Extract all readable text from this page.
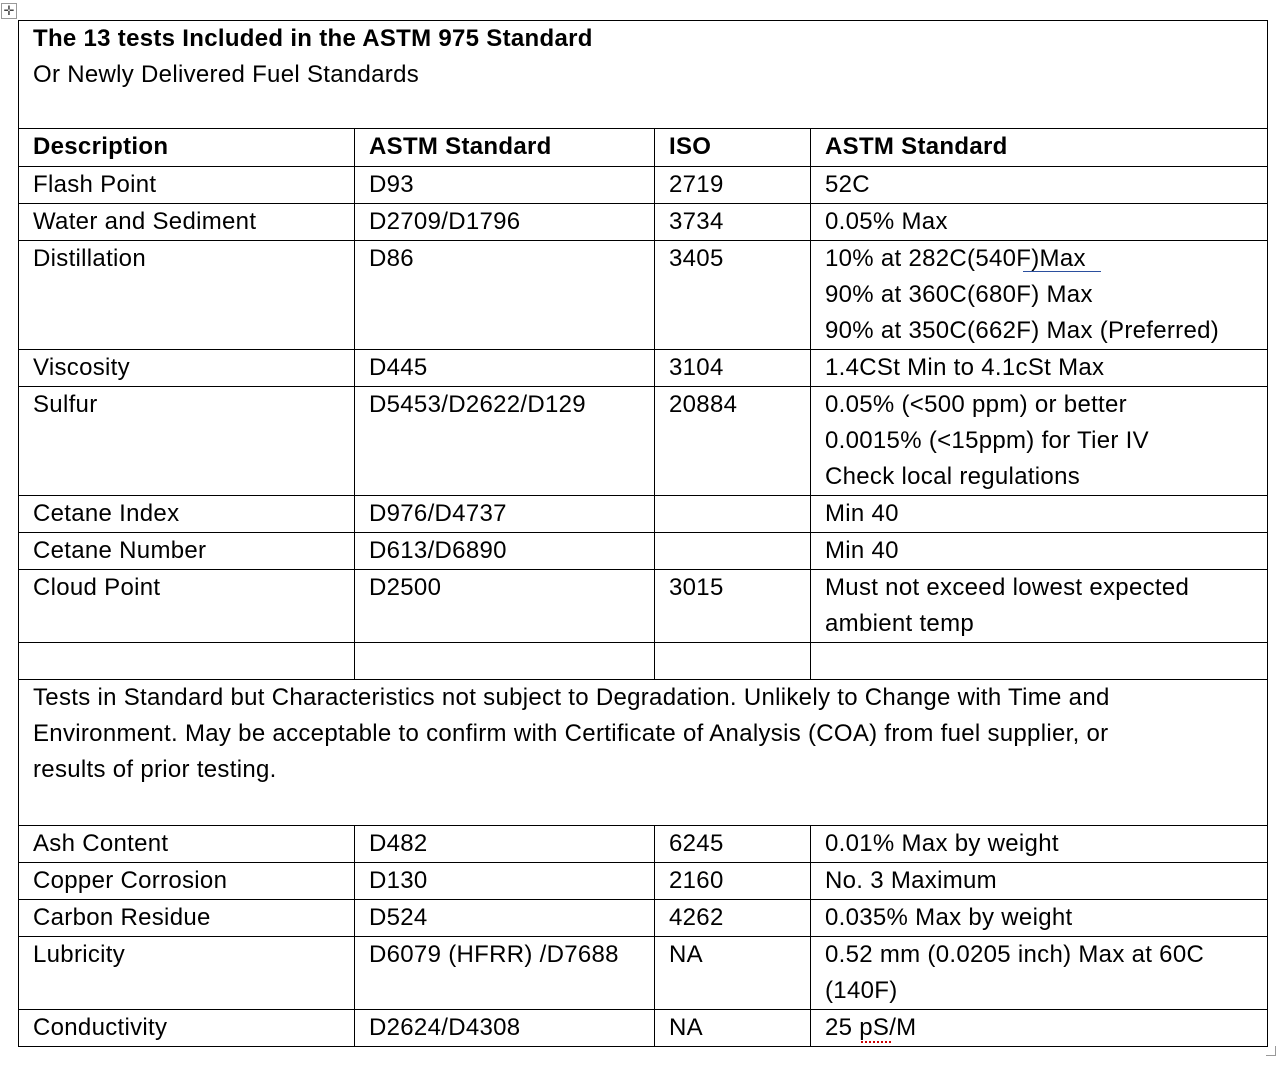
✛
The 13 tests Included in the ASTM 975 Standard
Or Newly Delivered Fuel Standards			

Description	ASTM Standard	ISO	ASTM Standard
Flash Point	D93	2719	52C

Water and Sediment	D2709/D1796	3734	0.05% Max

Distillation	D86	3405	10% at 282C(540F)Max
90% at 360C(680F) Max
90% at 350C(662F) Max (Preferred)

Viscosity	D445	3104	1.4CSt Min to 4.1cSt Max

Sulfur	D5453/D2622/D129	20884	0.05% (<500 ppm) or better
0.0015% (<15ppm) for Tier IV
Check local regulations

Cetane Index	D976/D4737		Min 40

Cetane Number	D613/D6890		Min 40

Cloud Point	D2500	3015	Must not exceed lowest expected
ambient temp

Tests in Standard but Characteristics not subject to Degradation. Unlikely to Change with Time and
Environment. May be acceptable to confirm with Certificate of Analysis (COA) from fuel supplier, or
results of prior testing.			

Ash Content	D482	6245	0.01% Max by weight

Copper Corrosion	D130	2160	No. 3 Maximum

Carbon Residue	D524	4262	0.035% Max by weight

Lubricity	D6079 (HFRR) /D7688	NA	0.52 mm (0.0205 inch) Max at 60C
(140F)

Conductivity	D2624/D4308	NA	25 pS/M
